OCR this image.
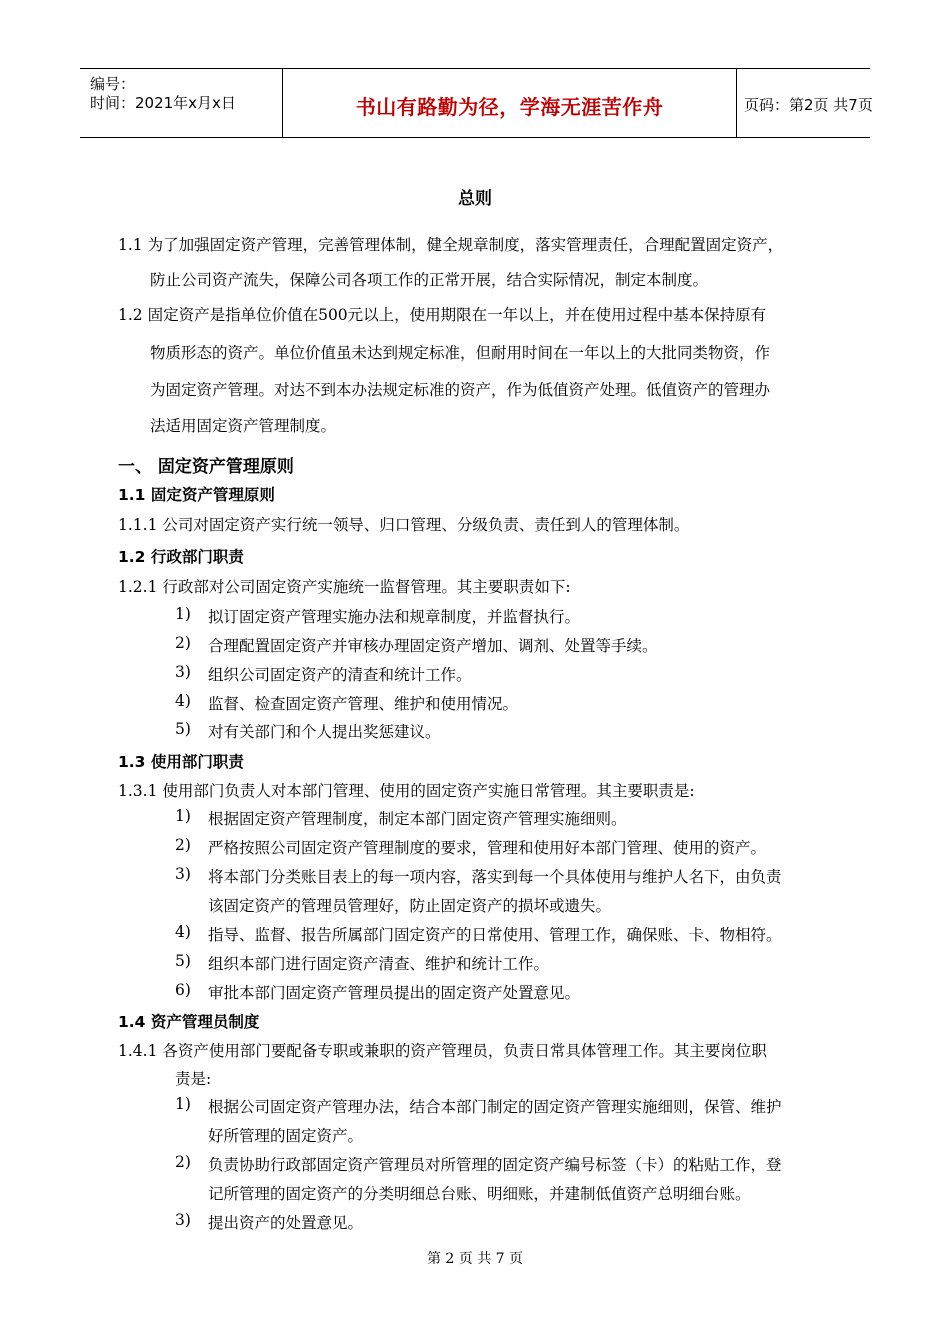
编号：
时间：2021年x月x日	书山有路勤为径，学海无涯苦作舟	页码：第2页 共7页
总则
1.1 为了加强固定资产管理，完善管理体制，健全规章制度，落实管理责任，合理配置固定资产，
防止公司资产流失，保障公司各项工作的正常开展，结合实际情况，制定本制度。
1.2 固定资产是指单位价值在500元以上，使用期限在一年以上，并在使用过程中基本保持原有
物质形态的资产。单位价值虽未达到规定标准，但耐用时间在一年以上的大批同类物资，作
为固定资产管理。对达不到本办法规定标准的资产，作为低值资产处理。低值资产的管理办
法适用固定资产管理制度。
一、 固定资产管理原则
1.1 固定资产管理原则
1.1.1 公司对固定资产实行统一领导、归口管理、分级负责、责任到人的管理体制。
1.2 行政部门职责
1.2.1 行政部对公司固定资产实施统一监督管理。其主要职责如下:
1) 拟订固定资产管理实施办法和规章制度，并监督执行。
2) 合理配置固定资产并审核办理固定资产增加、调剂、处置等手续。
3) 组织公司固定资产的清查和统计工作。
4) 监督、检查固定资产管理、维护和使用情况。
5) 对有关部门和个人提出奖惩建议。
1.3 使用部门职责
1.3.1 使用部门负责人对本部门管理、使用的固定资产实施日常管理。其主要职责是:
1) 根据固定资产管理制度，制定本部门固定资产管理实施细则。
2) 严格按照公司固定资产管理制度的要求，管理和使用好本部门管理、使用的资产。
3) 将本部门分类账目表上的每一项内容，落实到每一个具体使用与维护人名下，由负责
该固定资产的管理员管理好，防止固定资产的损坏或遗失。
4) 指导、监督、报告所属部门固定资产的日常使用、管理工作，确保账、卡、物相符。
5) 组织本部门进行固定资产清查、维护和统计工作。
6) 审批本部门固定资产管理员提出的固定资产处置意见。
1.4 资产管理员制度
1.4.1 各资产使用部门要配备专职或兼职的资产管理员，负责日常具体管理工作。其主要岗位职
责是:
1) 根据公司固定资产管理办法，结合本部门制定的固定资产管理实施细则，保管、维护
好所管理的固定资产。
2) 负责协助行政部固定资产管理员对所管理的固定资产编号标签（卡）的粘贴工作，登
记所管理的固定资产的分类明细总台账、明细账，并建制低值资产总明细台账。
3) 提出资产的处置意见。
第 2 页 共 7 页
